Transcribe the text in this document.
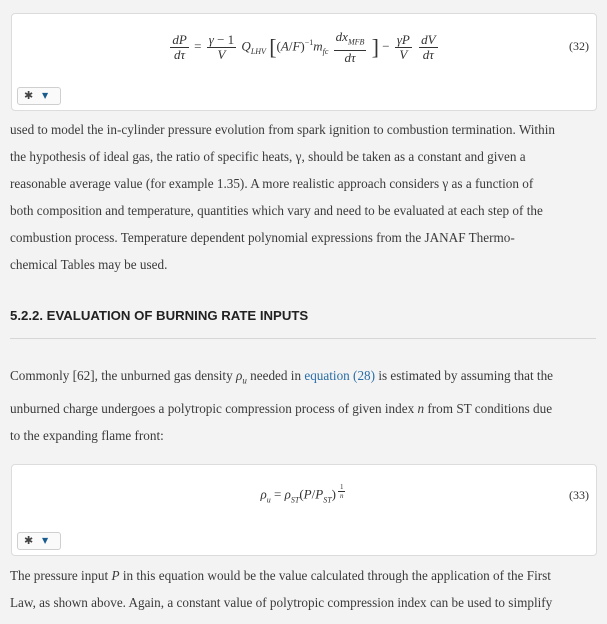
$\frac{dP}{d\tau} = \frac{\gamma - 1}{V} Q_{LHV}$ [$(A/F)^{-1}m_{fc} \frac{dx_{MFB}}{d\tau}$ ] − $\frac{\gamma P}{V}$
$\frac{dV}{d\tau}$	(32)
✱ ▼
used to model the in-cylinder pressure evolution from spark ignition to combustion termination. Within
the hypothesis of ideal gas, the ratio of specific heats, γ, should be taken as a constant and given a
reasonable average value (for example 1.35). A more realistic approach considers γ as a function of
both composition and temperature, quantities which vary and need to be evaluated at each step of the
combustion process. Temperature dependent polynomial expressions from the JANAF Thermo-
chemical Tables may be used.
5.2.2. EVALUATION OF BURNING RATE INPUTS
Commonly [62], the unburned gas density $\rho_u$ needed in equation (28) is estimated by assuming that the
unburned charge undergoes a polytropic compression process of given index n from ST conditions due
to the expanding flame front:
$\rho_u = \rho_{ST}(P/P_{ST})$ $^{\frac{1}{n}}$	(33)
✱ ▼
The pressure input P in this equation would be the value calculated through the application of the First
Law, as shown above. Again, a constant value of polytropic compression index can be used to simplify
